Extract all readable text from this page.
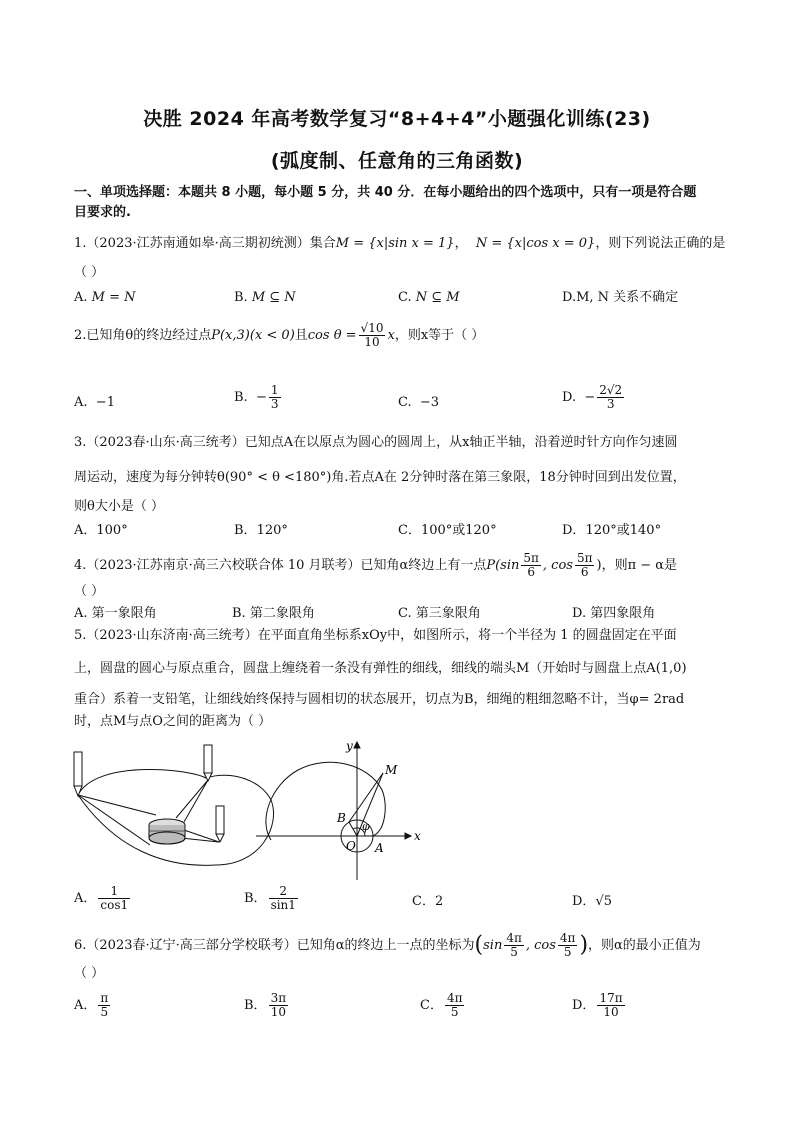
决胜 2024 年高考数学复习“8+4+4”小题强化训练(23)
(弧度制、任意角的三角函数)
一、单项选择题：本题共 8 小题，每小题 5 分，共 40 分．在每小题给出的四个选项中，只有一项是符合题
目要求的.
1.（2023·江苏南通如皋·高三期初统测）集合M = {x|sin x = 1}， N = {x|cos x = 0}，则下列说法正确的是
（ ）
A. M = N	B. M ⊆ N	C. N ⊆ M	D.M, N 关系不确定
2.已知角θ的终边经过点P(x,3)(x < 0)且$\cos \theta = \frac{√10}{10}$ x，则x等于（ ）
A. −1	B. − $\frac{1}{3}$	C. −3	D. − $\frac{2√2}{3}$
3.（2023春·山东·高三统考）已知点A在以原点为圆心的圆周上，从x轴正半轴，沿着逆时针方向作匀速圆
周运动，速度为每分钟转θ(90° < θ <180°)角.若点A在 2分钟时落在第三象限，18分钟时回到出发位置，
则θ大小是（ ）
A．100°	B．120°	C．100°或120°	D．120°或140°
4.（2023·江苏南京·高三六校联合体 10 月联考）已知角α终边上有一点$P(\sin \frac{5\pi}{6}$ , $\cos \frac{5\pi}{6}$ )，则π − α是
（ ）
A. 第一象限角	B. 第二象限角	C. 第三象限角	D. 第四象限角
5.（2023·山东济南·高三统考）在平面直角坐标系xOy中，如图所示，将一个半径为 1 的圆盘固定在平面
上，圆盘的圆心与原点重合，圆盘上缠绕着一条没有弹性的细线，细线的端头M（开始时与圆盘上点A(1,0)
重合）系着一支铅笔，让细线始终保持与圆相切的状态展开，切点为B，细绳的粗细忽略不计，当φ= 2rad
时，点M与点O之间的距离为（ ）
x
y
O A
B
M
φ
A． $\frac{1}{\cos 1}$	B． $\frac{2}{\sin 1}$	C．2	D．√5
6.（2023春·辽宁·高三部分学校联考）已知角α的终边上一点的坐标为($\sin \frac{4\pi}{5}$ , $\cos \frac{4\pi}{5}$ )，则α的最小正值为
（ ）
A． $\frac{\pi}{5}$	B． $\frac{3\pi}{10}$	C． $\frac{4\pi}{5}$	D． $\frac{17\pi}{10}$
